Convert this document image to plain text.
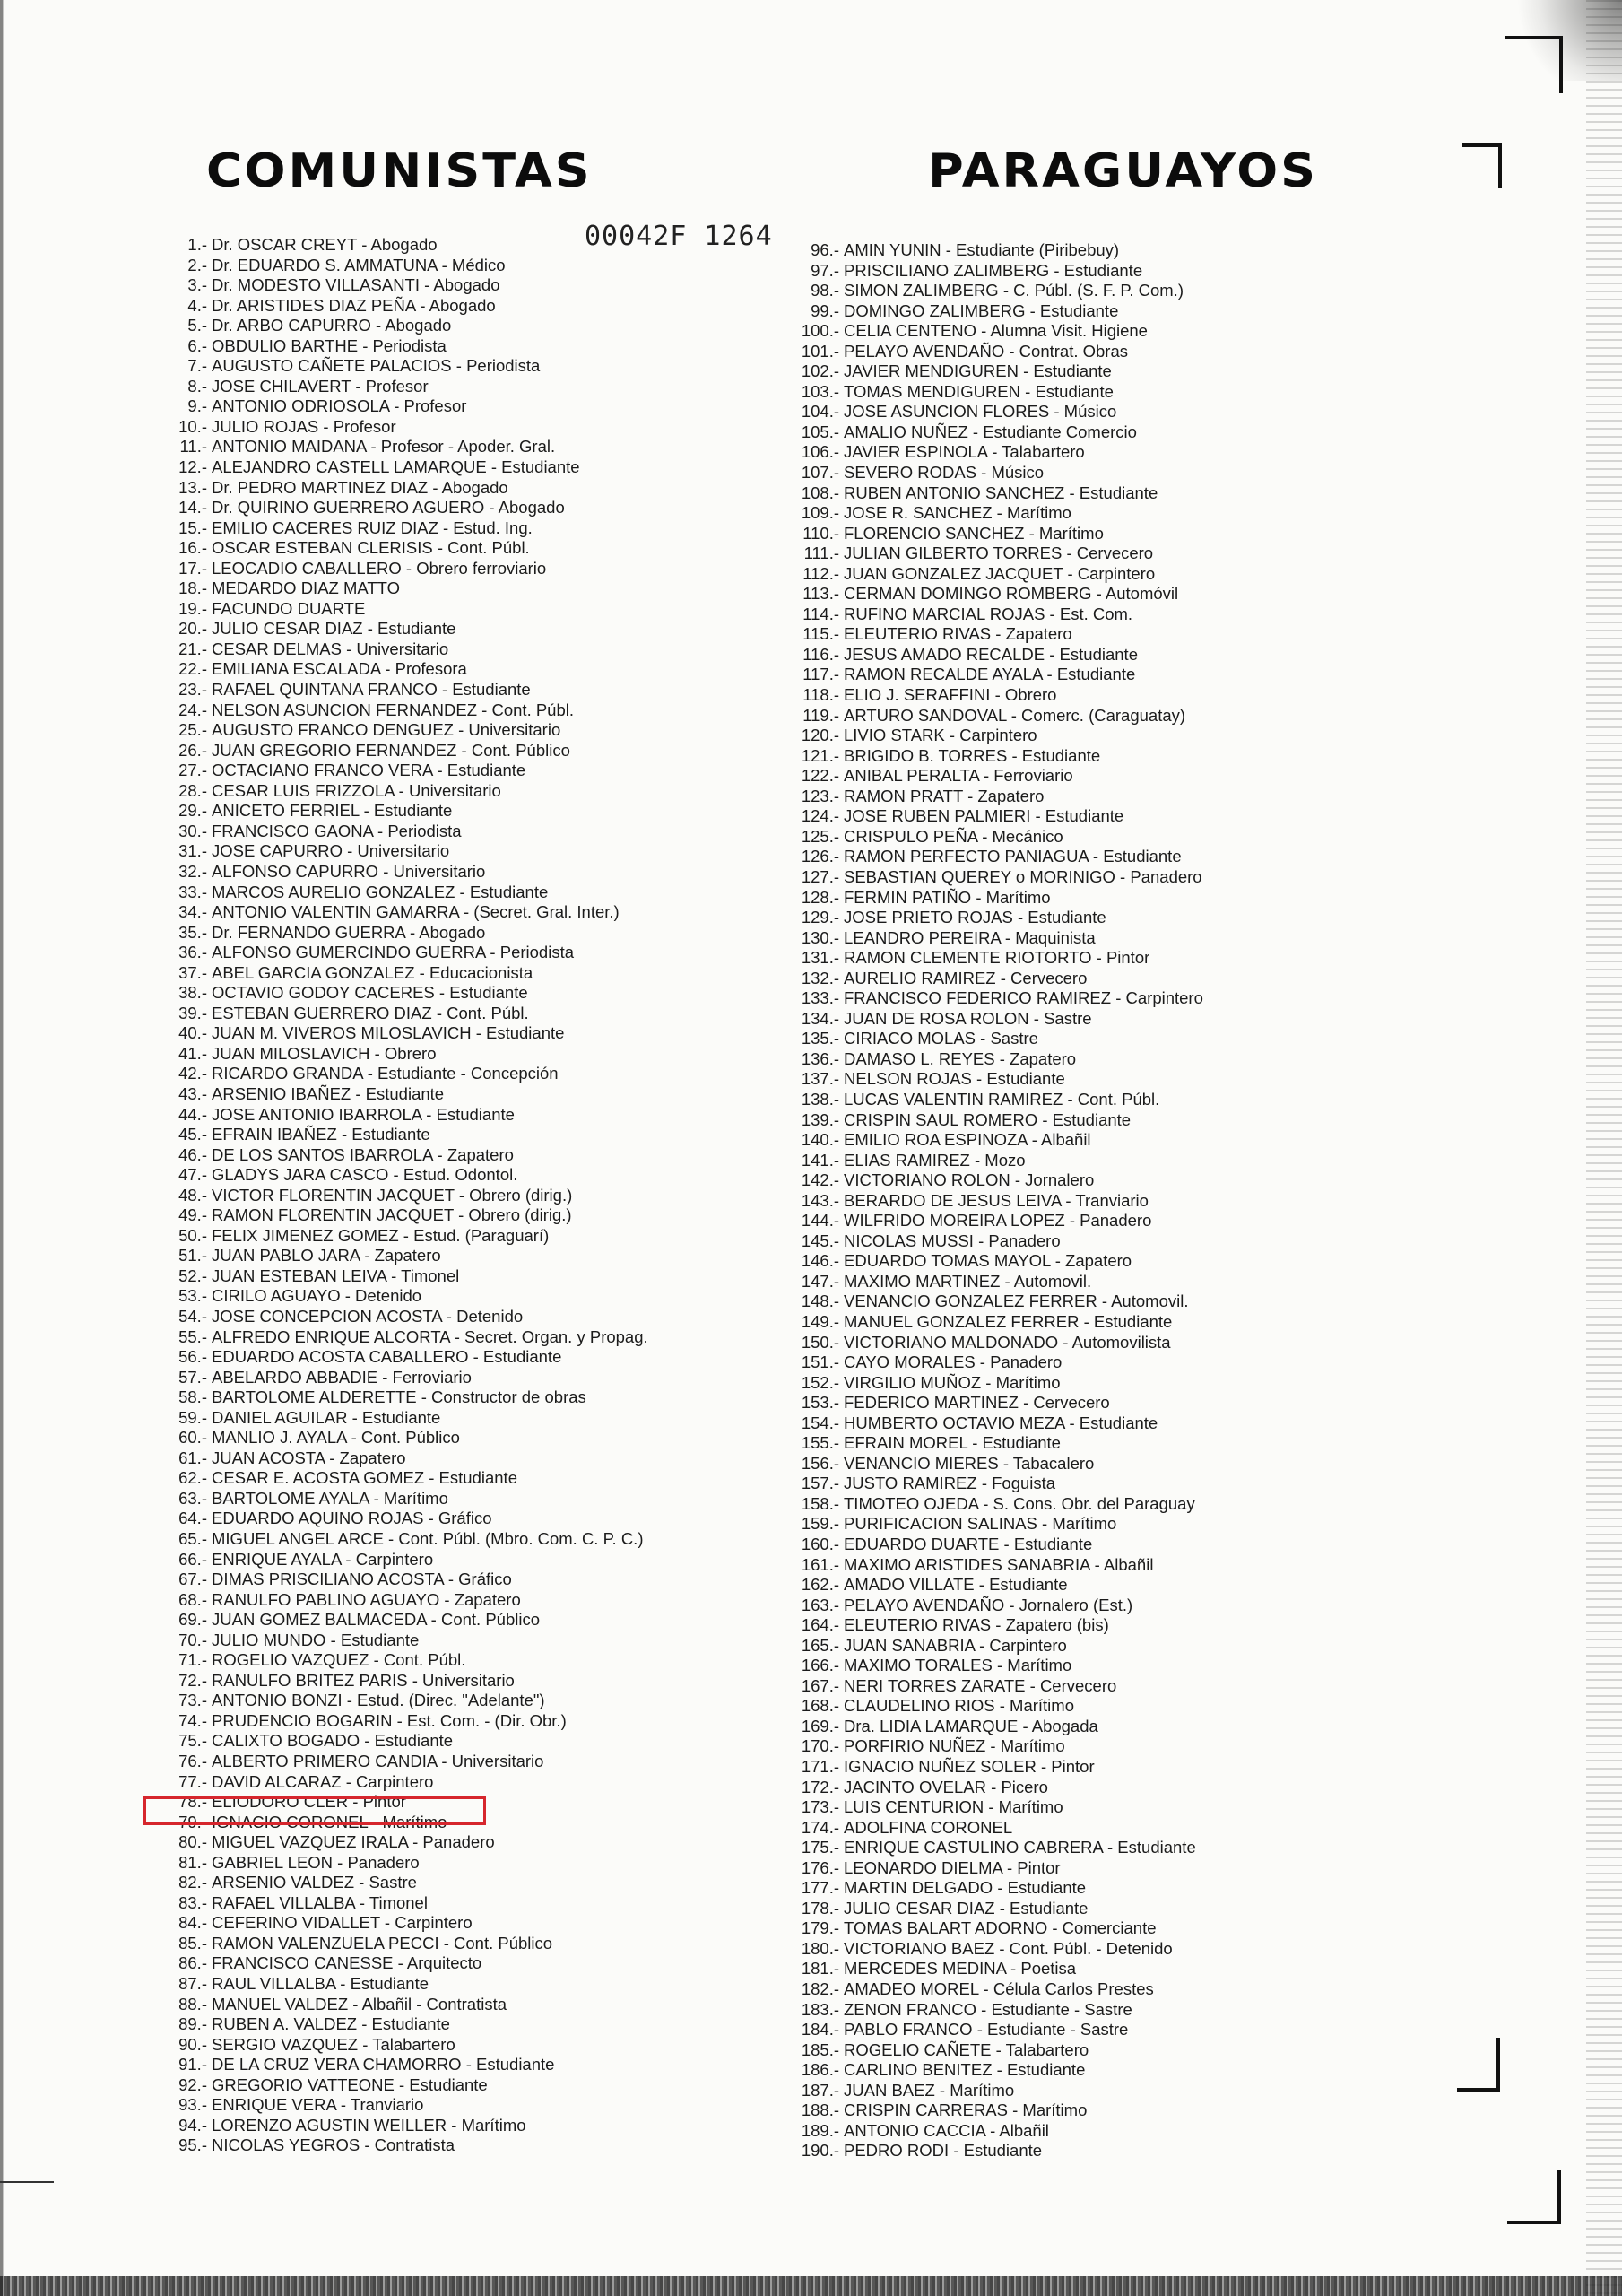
COMUNISTAS	PARAGUAYOS
00042F 1264
1.- Dr. OSCAR CREYT - Abogado
2.- Dr. EDUARDO S. AMMATUNA - Médico
3.- Dr. MODESTO VILLASANTI - Abogado
4.- Dr. ARISTIDES DIAZ PEÑA - Abogado
5.- Dr. ARBO CAPURRO - Abogado
6.- OBDULIO BARTHE - Periodista
7.- AUGUSTO CAÑETE PALACIOS - Periodista
8.- JOSE CHILAVERT - Profesor
9.- ANTONIO ODRIOSOLA - Profesor
10.- JULIO ROJAS - Profesor
11.- ANTONIO MAIDANA - Profesor - Apoder. Gral.
12.- ALEJANDRO CASTELL LAMARQUE - Estudiante
13.- Dr. PEDRO MARTINEZ DIAZ - Abogado
14.- Dr. QUIRINO GUERRERO AGUERO - Abogado
15.- EMILIO CACERES RUIZ DIAZ - Estud. Ing.
16.- OSCAR ESTEBAN CLERISIS - Cont. Públ.
17.- LEOCADIO CABALLERO - Obrero ferroviario
18.- MEDARDO DIAZ MATTO
19.- FACUNDO DUARTE
20.- JULIO CESAR DIAZ - Estudiante
21.- CESAR DELMAS - Universitario
22.- EMILIANA ESCALADA - Profesora
23.- RAFAEL QUINTANA FRANCO - Estudiante
24.- NELSON ASUNCION FERNANDEZ - Cont. Públ.
25.- AUGUSTO FRANCO DENGUEZ - Universitario
26.- JUAN GREGORIO FERNANDEZ - Cont. Público
27.- OCTACIANO FRANCO VERA - Estudiante
28.- CESAR LUIS FRIZZOLA - Universitario
29.- ANICETO FERRIEL - Estudiante
30.- FRANCISCO GAONA - Periodista
31.- JOSE CAPURRO - Universitario
32.- ALFONSO CAPURRO - Universitario
33.- MARCOS AURELIO GONZALEZ - Estudiante
34.- ANTONIO VALENTIN GAMARRA - (Secret. Gral. Inter.)
35.- Dr. FERNANDO GUERRA - Abogado
36.- ALFONSO GUMERCINDO GUERRA - Periodista
37.- ABEL GARCIA GONZALEZ - Educacionista
38.- OCTAVIO GODOY CACERES - Estudiante
39.- ESTEBAN GUERRERO DIAZ - Cont. Públ.
40.- JUAN M. VIVEROS MILOSLAVICH - Estudiante
41.- JUAN MILOSLAVICH - Obrero
42.- RICARDO GRANDA - Estudiante - Concepción
43.- ARSENIO IBAÑEZ - Estudiante
44.- JOSE ANTONIO IBARROLA - Estudiante
45.- EFRAIN IBAÑEZ - Estudiante
46.- DE LOS SANTOS IBARROLA - Zapatero
47.- GLADYS JARA CASCO - Estud. Odontol.
48.- VICTOR FLORENTIN JACQUET - Obrero (dirig.)
49.- RAMON FLORENTIN JACQUET - Obrero (dirig.)
50.- FELIX JIMENEZ GOMEZ - Estud. (Paraguarí)
51.- JUAN PABLO JARA - Zapatero
52.- JUAN ESTEBAN LEIVA - Timonel
53.- CIRILO AGUAYO - Detenido
54.- JOSE CONCEPCION ACOSTA - Detenido
55.- ALFREDO ENRIQUE ALCORTA - Secret. Organ. y Propag.
56.- EDUARDO ACOSTA CABALLERO - Estudiante
57.- ABELARDO ABBADIE - Ferroviario
58.- BARTOLOME ALDERETTE - Constructor de obras
59.- DANIEL AGUILAR - Estudiante
60.- MANLIO J. AYALA - Cont. Público
61.- JUAN ACOSTA - Zapatero
62.- CESAR E. ACOSTA GOMEZ - Estudiante
63.- BARTOLOME AYALA - Marítimo
64.- EDUARDO AQUINO ROJAS - Gráfico
65.- MIGUEL ANGEL ARCE - Cont. Públ. (Mbro. Com. C. P. C.)
66.- ENRIQUE AYALA - Carpintero
67.- DIMAS PRISCILIANO ACOSTA - Gráfico
68.- RANULFO PABLINO AGUAYO - Zapatero
69.- JUAN GOMEZ BALMACEDA - Cont. Público
70.- JULIO MUNDO - Estudiante
71.- ROGELIO VAZQUEZ - Cont. Públ.
72.- RANULFO BRITEZ PARIS - Universitario
73.- ANTONIO BONZI - Estud. (Direc. "Adelante")
74.- PRUDENCIO BOGARIN - Est. Com. - (Dir. Obr.)
75.- CALIXTO BOGADO - Estudiante
76.- ALBERTO PRIMERO CANDIA - Universitario
77.- DAVID ALCARAZ - Carpintero
78.- ELIODORO CLER - Pintor
79.- IGNACIO CORONEL - Marítimo
80.- MIGUEL VAZQUEZ IRALA - Panadero
81.- GABRIEL LEON - Panadero
82.- ARSENIO VALDEZ - Sastre
83.- RAFAEL VILLALBA - Timonel
84.- CEFERINO VIDALLET - Carpintero
85.- RAMON VALENZUELA PECCI - Cont. Público
86.- FRANCISCO CANESSE - Arquitecto
87.- RAUL VILLALBA - Estudiante
88.- MANUEL VALDEZ - Albañil - Contratista
89.- RUBEN A. VALDEZ - Estudiante
90.- SERGIO VAZQUEZ - Talabartero
91.- DE LA CRUZ VERA CHAMORRO - Estudiante
92.- GREGORIO VATTEONE - Estudiante
93.- ENRIQUE VERA - Tranviario
94.- LORENZO AGUSTIN WEILLER - Marítimo
95.- NICOLAS YEGROS - Contratista
96.- AMIN YUNIN - Estudiante (Piribebuy)
97.- PRISCILIANO ZALIMBERG - Estudiante
98.- SIMON ZALIMBERG - C. Públ. (S. F. P. Com.)
99.- DOMINGO ZALIMBERG - Estudiante
100.- CELIA CENTENO - Alumna Visit. Higiene
101.- PELAYO AVENDAÑO - Contrat. Obras
102.- JAVIER MENDIGUREN - Estudiante
103.- TOMAS MENDIGUREN - Estudiante
104.- JOSE ASUNCION FLORES - Músico
105.- AMALIO NUÑEZ - Estudiante Comercio
106.- JAVIER ESPINOLA - Talabartero
107.- SEVERO RODAS - Músico
108.- RUBEN ANTONIO SANCHEZ - Estudiante
109.- JOSE R. SANCHEZ - Marítimo
110.- FLORENCIO SANCHEZ - Marítimo
111.- JULIAN GILBERTO TORRES - Cervecero
112.- JUAN GONZALEZ JACQUET - Carpintero
113.- CERMAN DOMINGO ROMBERG - Automóvil
114.- RUFINO MARCIAL ROJAS - Est. Com.
115.- ELEUTERIO RIVAS - Zapatero
116.- JESUS AMADO RECALDE - Estudiante
117.- RAMON RECALDE AYALA - Estudiante
118.- ELIO J. SERAFFINI - Obrero
119.- ARTURO SANDOVAL - Comerc. (Caraguatay)
120.- LIVIO STARK - Carpintero
121.- BRIGIDO B. TORRES - Estudiante
122.- ANIBAL PERALTA - Ferroviario
123.- RAMON PRATT - Zapatero
124.- JOSE RUBEN PALMIERI - Estudiante
125.- CRISPULO PEÑA - Mecánico
126.- RAMON PERFECTO PANIAGUA - Estudiante
127.- SEBASTIAN QUEREY o MORINIGO - Panadero
128.- FERMIN PATIÑO - Marítimo
129.- JOSE PRIETO ROJAS - Estudiante
130.- LEANDRO PEREIRA - Maquinista
131.- RAMON CLEMENTE RIOTORTO - Pintor
132.- AURELIO RAMIREZ - Cervecero
133.- FRANCISCO FEDERICO RAMIREZ - Carpintero
134.- JUAN DE ROSA ROLON - Sastre
135.- CIRIACO MOLAS - Sastre
136.- DAMASO L. REYES - Zapatero
137.- NELSON ROJAS - Estudiante
138.- LUCAS VALENTIN RAMIREZ - Cont. Públ.
139.- CRISPIN SAUL ROMERO - Estudiante
140.- EMILIO ROA ESPINOZA - Albañil
141.- ELIAS RAMIREZ - Mozo
142.- VICTORIANO ROLON - Jornalero
143.- BERARDO DE JESUS LEIVA - Tranviario
144.- WILFRIDO MOREIRA LOPEZ - Panadero
145.- NICOLAS MUSSI - Panadero
146.- EDUARDO TOMAS MAYOL - Zapatero
147.- MAXIMO MARTINEZ - Automovil.
148.- VENANCIO GONZALEZ FERRER - Automovil.
149.- MANUEL GONZALEZ FERRER - Estudiante
150.- VICTORIANO MALDONADO - Automovilista
151.- CAYO MORALES - Panadero
152.- VIRGILIO MUÑOZ - Marítimo
153.- FEDERICO MARTINEZ - Cervecero
154.- HUMBERTO OCTAVIO MEZA - Estudiante
155.- EFRAIN MOREL - Estudiante
156.- VENANCIO MIERES - Tabacalero
157.- JUSTO RAMIREZ - Foguista
158.- TIMOTEO OJEDA - S. Cons. Obr. del Paraguay
159.- PURIFICACION SALINAS - Marítimo
160.- EDUARDO DUARTE - Estudiante
161.- MAXIMO ARISTIDES SANABRIA - Albañil
162.- AMADO VILLATE - Estudiante
163.- PELAYO AVENDAÑO - Jornalero (Est.)
164.- ELEUTERIO RIVAS - Zapatero (bis)
165.- JUAN SANABRIA - Carpintero
166.- MAXIMO TORALES - Marítimo
167.- NERI TORRES ZARATE - Cervecero
168.- CLAUDELINO RIOS - Marítimo
169.- Dra. LIDIA LAMARQUE - Abogada
170.- PORFIRIO NUÑEZ - Marítimo
171.- IGNACIO NUÑEZ SOLER - Pintor
172.- JACINTO OVELAR - Picero
173.- LUIS CENTURION - Marítimo
174.- ADOLFINA CORONEL
175.- ENRIQUE CASTULINO CABRERA - Estudiante
176.- LEONARDO DIELMA - Pintor
177.- MARTIN DELGADO - Estudiante
178.- JULIO CESAR DIAZ - Estudiante
179.- TOMAS BALART ADORNO - Comerciante
180.- VICTORIANO BAEZ - Cont. Públ. - Detenido
181.- MERCEDES MEDINA - Poetisa
182.- AMADEO MOREL - Célula Carlos Prestes
183.- ZENON FRANCO - Estudiante - Sastre
184.- PABLO FRANCO - Estudiante - Sastre
185.- ROGELIO CAÑETE - Talabartero
186.- CARLINO BENITEZ - Estudiante
187.- JUAN BAEZ - Marítimo
188.- CRISPIN CARRERAS - Marítimo
189.- ANTONIO CACCIA - Albañil
190.- PEDRO RODI - Estudiante
